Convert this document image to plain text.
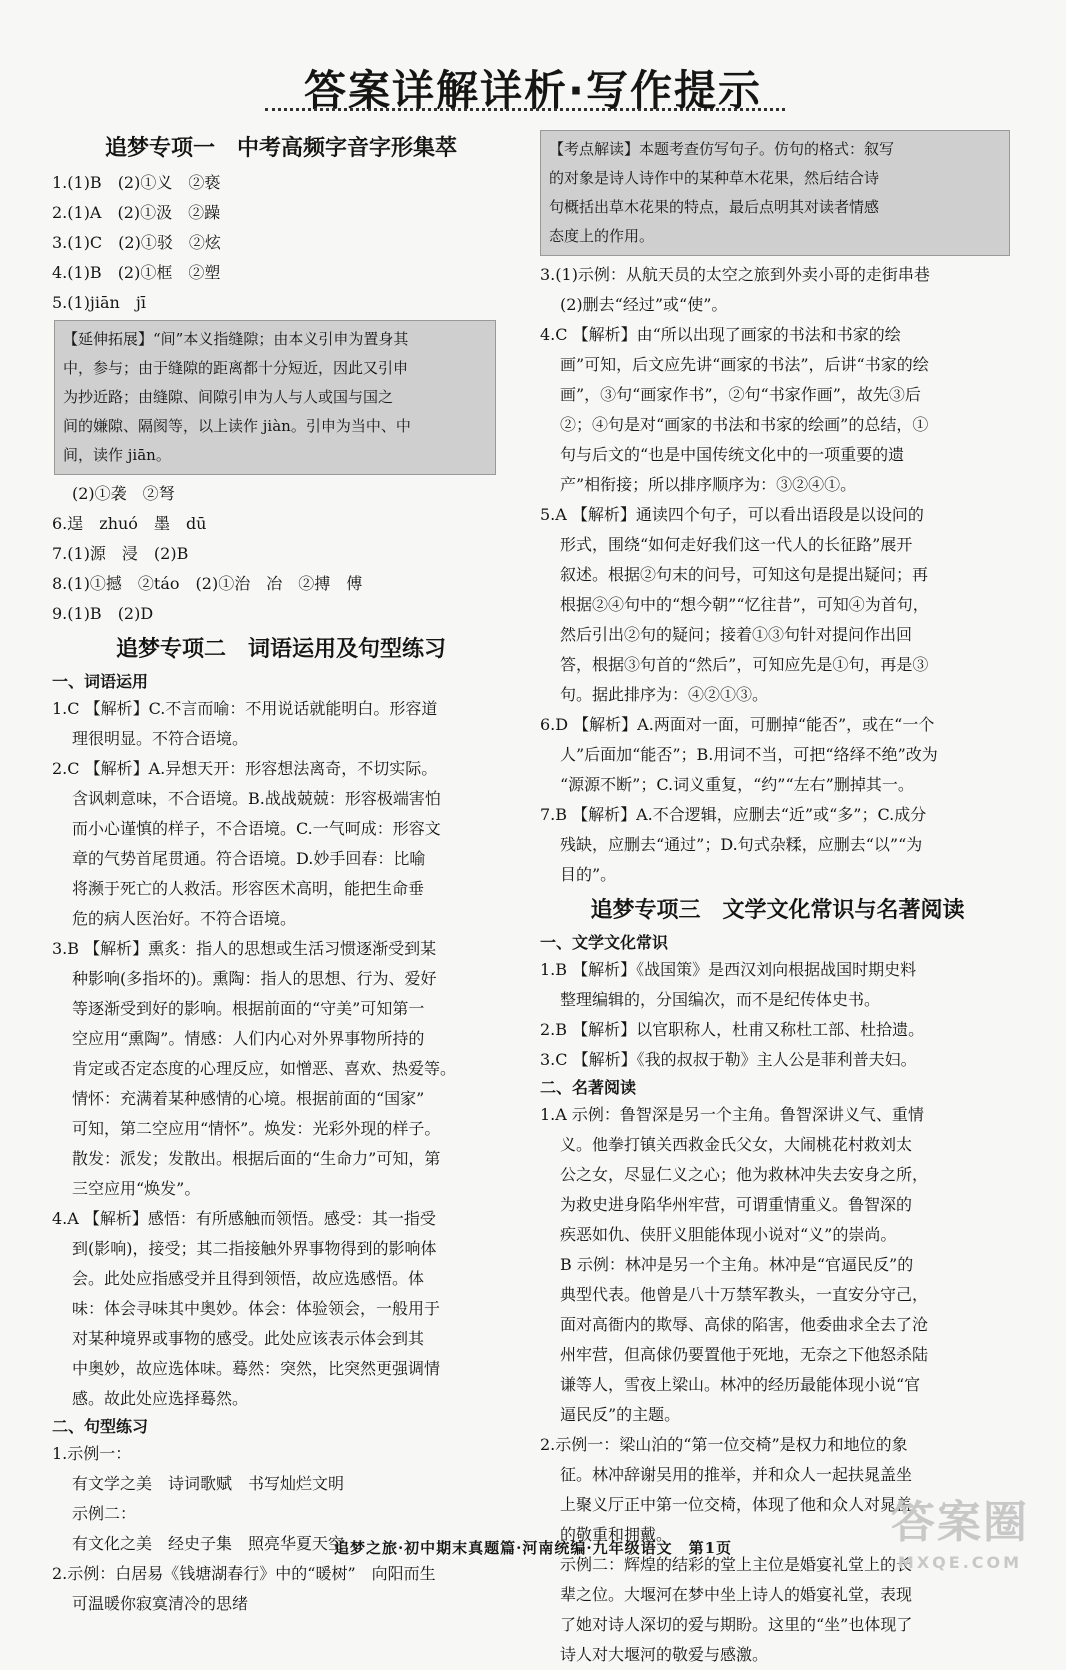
答案详解详析·写作提示
追梦专项一　中考高频字音字形集萃
1.(1)B　(2)①义　②亵
2.(1)A　(2)①汲　②躁
3.(1)C　(2)①驳　②炫
4.(1)B　(2)①框　②塑
5.(1)jiān　jī
【延伸拓展】“间”本义指缝隙；由本义引申为置身其
中，参与；由于缝隙的距离都十分短近，因此又引申
为抄近路；由缝隙、间隙引申为人与人或国与国之
间的嫌隙、隔阂等，以上读作 jiàn。引申为当中、中
间，读作 jiān。
(2)①袭　②弩
6.逞　zhuó　墨　dū
7.(1)源　浸　(2)B
8.(1)①撼　②táo　(2)①治　冶　②搏　傅
9.(1)B　(2)D
追梦专项二　词语运用及句型练习
一、词语运用
1.C 【解析】C.不言而喻：不用说话就能明白。形容道
理很明显。不符合语境。
2.C 【解析】A.异想天开：形容想法离奇，不切实际。
含讽刺意味，不合语境。B.战战兢兢：形容极端害怕
而小心谨慎的样子，不合语境。C.一气呵成：形容文
章的气势首尾贯通。符合语境。D.妙手回春：比喻
将濒于死亡的人救活。形容医术高明，能把生命垂
危的病人医治好。不符合语境。
3.B 【解析】熏炙：指人的思想或生活习惯逐渐受到某
种影响(多指坏的)。熏陶：指人的思想、行为、爱好
等逐渐受到好的影响。根据前面的“守美”可知第一
空应用“熏陶”。情感：人们内心对外界事物所持的
肯定或否定态度的心理反应，如憎恶、喜欢、热爱等。
情怀：充满着某种感情的心境。根据前面的“国家”
可知，第二空应用“情怀”。焕发：光彩外现的样子。
散发：派发；发散出。根据后面的“生命力”可知，第
三空应用“焕发”。
4.A 【解析】感悟：有所感触而领悟。感受：其一指受
到(影响)，接受；其二指接触外界事物得到的影响体
会。此处应指感受并且得到领悟，故应选感悟。体
味：体会寻味其中奥妙。体会：体验领会，一般用于
对某种境界或事物的感受。此处应该表示体会到其
中奥妙，故应选体味。蓦然：突然，比突然更强调情
感。故此处应选择蓦然。
二、句型练习
1.示例一：
有文学之美　诗词歌赋　书写灿烂文明
示例二：
有文化之美　经史子集　照亮华夏天空
2.示例：白居易《钱塘湖春行》中的“暖树”　向阳而生
可温暖你寂寞清冷的思绪
【考点解读】本题考查仿写句子。仿句的格式：叙写
的对象是诗人诗作中的某种草木花果，然后结合诗
句概括出草木花果的特点，最后点明其对读者情感
态度上的作用。
3.(1)示例：从航天员的太空之旅到外卖小哥的走街串巷
(2)删去“经过”或“使”。
4.C 【解析】由“所以出现了画家的书法和书家的绘
画”可知，后文应先讲“画家的书法”，后讲“书家的绘
画”，③句“画家作书”，②句“书家作画”，故先③后
②；④句是对“画家的书法和书家的绘画”的总结，①
句与后文的“也是中国传统文化中的一项重要的遗
产”相衔接；所以排序顺序为：③②④①。
5.A 【解析】通读四个句子，可以看出语段是以设问的
形式，围绕“如何走好我们这一代人的长征路”展开
叙述。根据②句末的问号，可知这句是提出疑问；再
根据②④句中的“想今朝”“忆往昔”，可知④为首句，
然后引出②句的疑问；接着①③句针对提问作出回
答，根据③句首的“然后”，可知应先是①句，再是③
句。据此排序为：④②①③。
6.D 【解析】A.两面对一面，可删掉“能否”，或在“一个
人”后面加“能否”；B.用词不当，可把“络绎不绝”改为
“源源不断”；C.词义重复，“约”“左右”删掉其一。
7.B 【解析】A.不合逻辑，应删去“近”或“多”；C.成分
残缺，应删去“通过”；D.句式杂糅，应删去“以”“为
目的”。
追梦专项三　文学文化常识与名著阅读
一、文学文化常识
1.B 【解析】《战国策》是西汉刘向根据战国时期史料
整理编辑的，分国编次，而不是纪传体史书。
2.B 【解析】以官职称人，杜甫又称杜工部、杜拾遗。
3.C 【解析】《我的叔叔于勒》主人公是菲利普夫妇。
二、名著阅读
1.A 示例：鲁智深是另一个主角。鲁智深讲义气、重情
义。他拳打镇关西救金氏父女，大闹桃花村救刘太
公之女，尽显仁义之心；他为救林冲失去安身之所，
为救史进身陷华州牢营，可谓重情重义。鲁智深的
疾恶如仇、侠肝义胆能体现小说对“义”的崇尚。
B 示例：林冲是另一个主角。林冲是“官逼民反”的
典型代表。他曾是八十万禁军教头，一直安分守己，
面对高衙内的欺辱、高俅的陷害，他委曲求全去了沧
州牢营，但高俅仍要置他于死地，无奈之下他怒杀陆
谦等人，雪夜上梁山。林冲的经历最能体现小说“官
逼民反”的主题。
2.示例一：梁山泊的“第一位交椅”是权力和地位的象
征。林冲辞谢吴用的推举，并和众人一起扶晁盖坐
上聚义厅正中第一位交椅，体现了他和众人对晁盖
的敬重和拥戴。
示例二：辉煌的结彩的堂上主位是婚宴礼堂上的长
辈之位。大堰河在梦中坐上诗人的婚宴礼堂，表现
了她对诗人深切的爱与期盼。这里的“坐”也体现了
诗人对大堰河的敬爱与感激。
追梦之旅·初中期末真题篇·河南统编·九年级语文　第1页	答案圈
MXQE.COM
